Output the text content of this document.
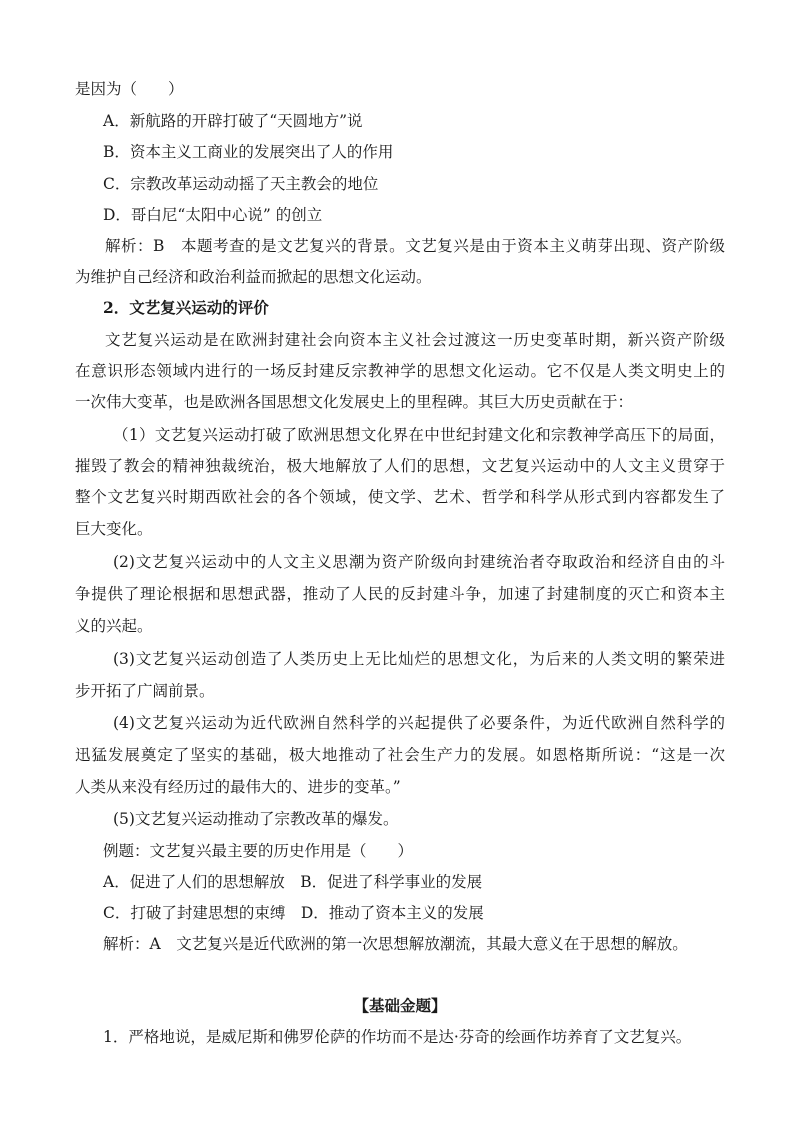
是因为（　　）
A．新航路的开辟打破了“天圆地方”说
B．资本主义工商业的发展突出了人的作用
C．宗教改革运动动摇了天主教会的地位
D．哥白尼“太阳中心说” 的创立
解析：B　本题考查的是文艺复兴的背景。文艺复兴是由于资本主义萌芽出现、资产阶级
为维护自己经济和政治利益而掀起的思想文化运动。
2．文艺复兴运动的评价
文艺复兴运动是在欧洲封建社会向资本主义社会过渡这一历史变革时期，新兴资产阶级
在意识形态领域内进行的一场反封建反宗教神学的思想文化运动。它不仅是人类文明史上的
一次伟大变革，也是欧洲各国思想文化发展史上的里程碑。其巨大历史贡献在于：
（1）文艺复兴运动打破了欧洲思想文化界在中世纪封建文化和宗教神学高压下的局面，
摧毁了教会的精神独裁统治，极大地解放了人们的思想，文艺复兴运动中的人文主义贯穿于
整个文艺复兴时期西欧社会的各个领域，使文学、艺术、哲学和科学从形式到内容都发生了
巨大变化。
(2)文艺复兴运动中的人文主义思潮为资产阶级向封建统治者夺取政治和经济自由的斗
争提供了理论根据和思想武器，推动了人民的反封建斗争，加速了封建制度的灭亡和资本主
义的兴起。
(3)文艺复兴运动创造了人类历史上无比灿烂的思想文化，为后来的人类文明的繁荣进
步开拓了广阔前景。
(4)文艺复兴运动为近代欧洲自然科学的兴起提供了必要条件，为近代欧洲自然科学的
迅猛发展奠定了坚实的基础，极大地推动了社会生产力的发展。如恩格斯所说：“这是一次
人类从来没有经历过的最伟大的、进步的变革。”
(5)文艺复兴运动推动了宗教改革的爆发。
例题：文艺复兴最主要的历史作用是（　　）
A．促进了人们的思想解放　B．促进了科学事业的发展
C．打破了封建思想的束缚　D．推动了资本主义的发展
解析：A　文艺复兴是近代欧洲的第一次思想解放潮流，其最大意义在于思想的解放。
【基础金题】
1．严格地说，是威尼斯和佛罗伦萨的作坊而不是达·芬奇的绘画作坊养育了文艺复兴。
